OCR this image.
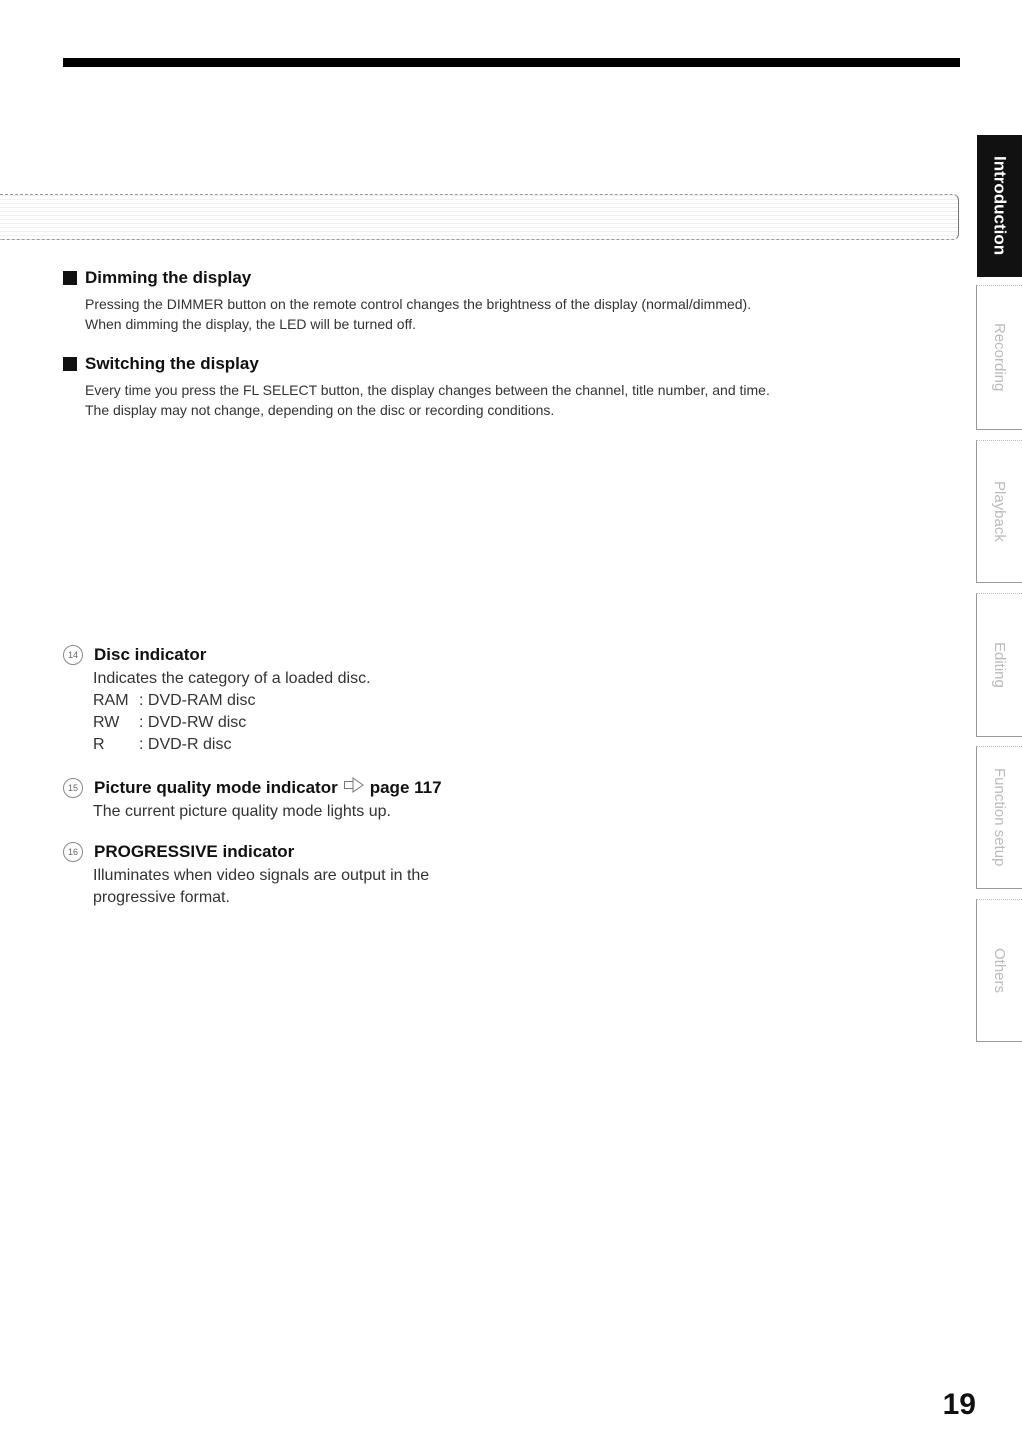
Dimming the display

Pressing the DIMMER button on the remote control changes the brightness of the display (normal/dimmed).

When dimming the display, the LED will be turned off.

Switching the display

Every time you press the FL SELECT button, the display changes between the channel, title number, and time.

The display may not change, depending on the disc or recording conditions.

14 Disc indicator

Indicates the category of a loaded disc.

RAM : DVD-RAM disc
RW	: DVD-RW disc
R	: DVD-R disc
15 Picture quality mode indicator page 117

The current picture quality mode lights up.

16 PROGRESSIVE indicator

Illuminates when video signals are output in the

progressive format.

Introduction
Recording
Playback
Editing
Function setup
Others
19
